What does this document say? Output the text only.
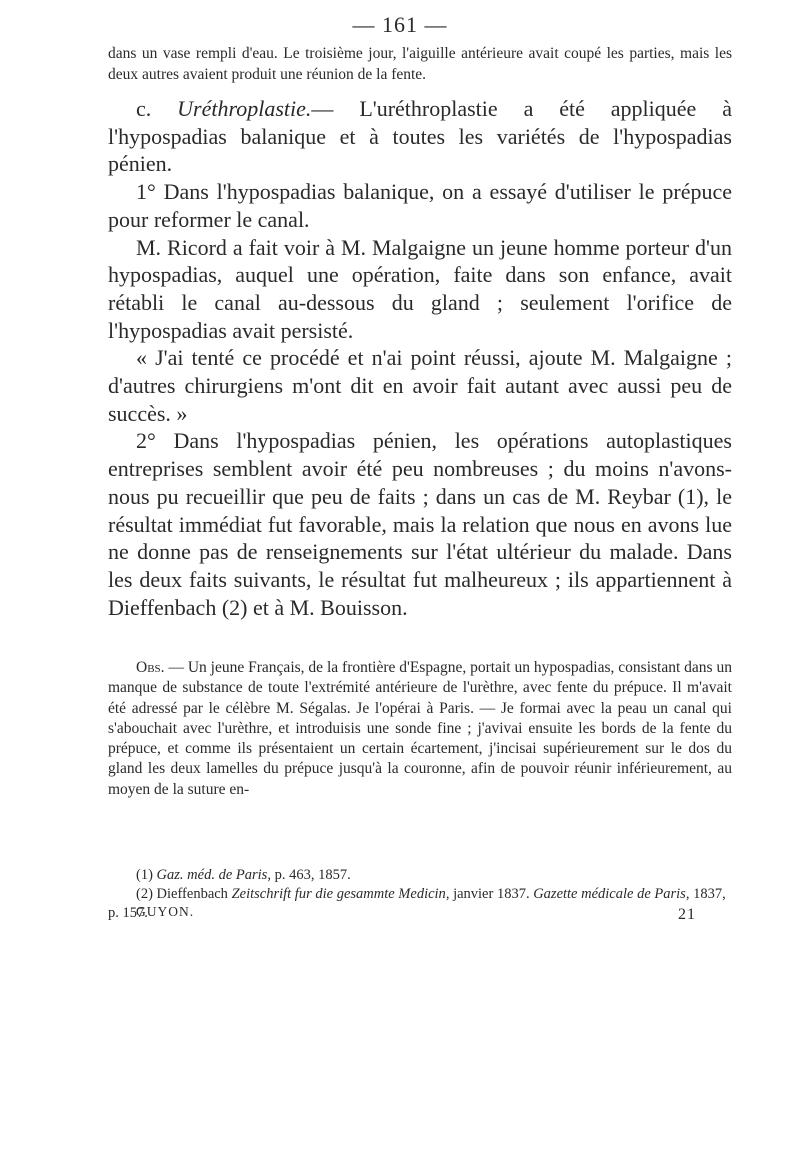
— 161 —

dans un vase rempli d'eau. Le troisième jour, l'aiguille antérieure avait coupé les parties, mais les deux autres avaient produit une réunion de la fente.

c. Uréthroplastie.— L'uréthroplastie a été appliquée à l'hypospadias balanique et à toutes les variétés de l'hypospadias pénien.

1° Dans l'hypospadias balanique, on a essayé d'utiliser le prépuce pour reformer le canal.

M. Ricord a fait voir à M. Malgaigne un jeune homme porteur d'un hypospadias, auquel une opération, faite dans son enfance, avait rétabli le canal au-dessous du gland ; seulement l'orifice de l'hypospadias avait persisté.

« J'ai tenté ce procédé et n'ai point réussi, ajoute M. Malgaigne ; d'autres chirurgiens m'ont dit en avoir fait autant avec aussi peu de succès. »

2° Dans l'hypospadias pénien, les opérations autoplastiques entreprises semblent avoir été peu nombreuses ; du moins n'avons-nous pu recueillir que peu de faits ; dans un cas de M. Reybar (1), le résultat immédiat fut favorable, mais la relation que nous en avons lue ne donne pas de renseignements sur l'état ultérieur du malade. Dans les deux faits suivants, le résultat fut malheureux ; ils appartiennent à Dieffenbach (2) et à M. Bouisson.

Obs. — Un jeune Français, de la frontière d'Espagne, portait un hypospadias, consistant dans un manque de substance de toute l'extrémité antérieure de l'urèthre, avec fente du prépuce. Il m'avait été adressé par le célèbre M. Ségalas. Je l'opérai à Paris. — Je formai avec la peau un canal qui s'abouchait avec l'urèthre, et introduisis une sonde fine ; j'avivai ensuite les bords de la fente du prépuce, et comme ils présentaient un certain écartement, j'incisai supérieurement sur le dos du gland les deux lamelles du prépuce jusqu'à la couronne, afin de pouvoir réunir inférieurement, au moyen de la suture en-

(1) Gaz. méd. de Paris, p. 463, 1857.

(2) Dieffenbach Zeitschrift fur die gesammte Medicin, janvier 1837. Gazette médicale de Paris, 1837, p. 157.

GUYON.	21
